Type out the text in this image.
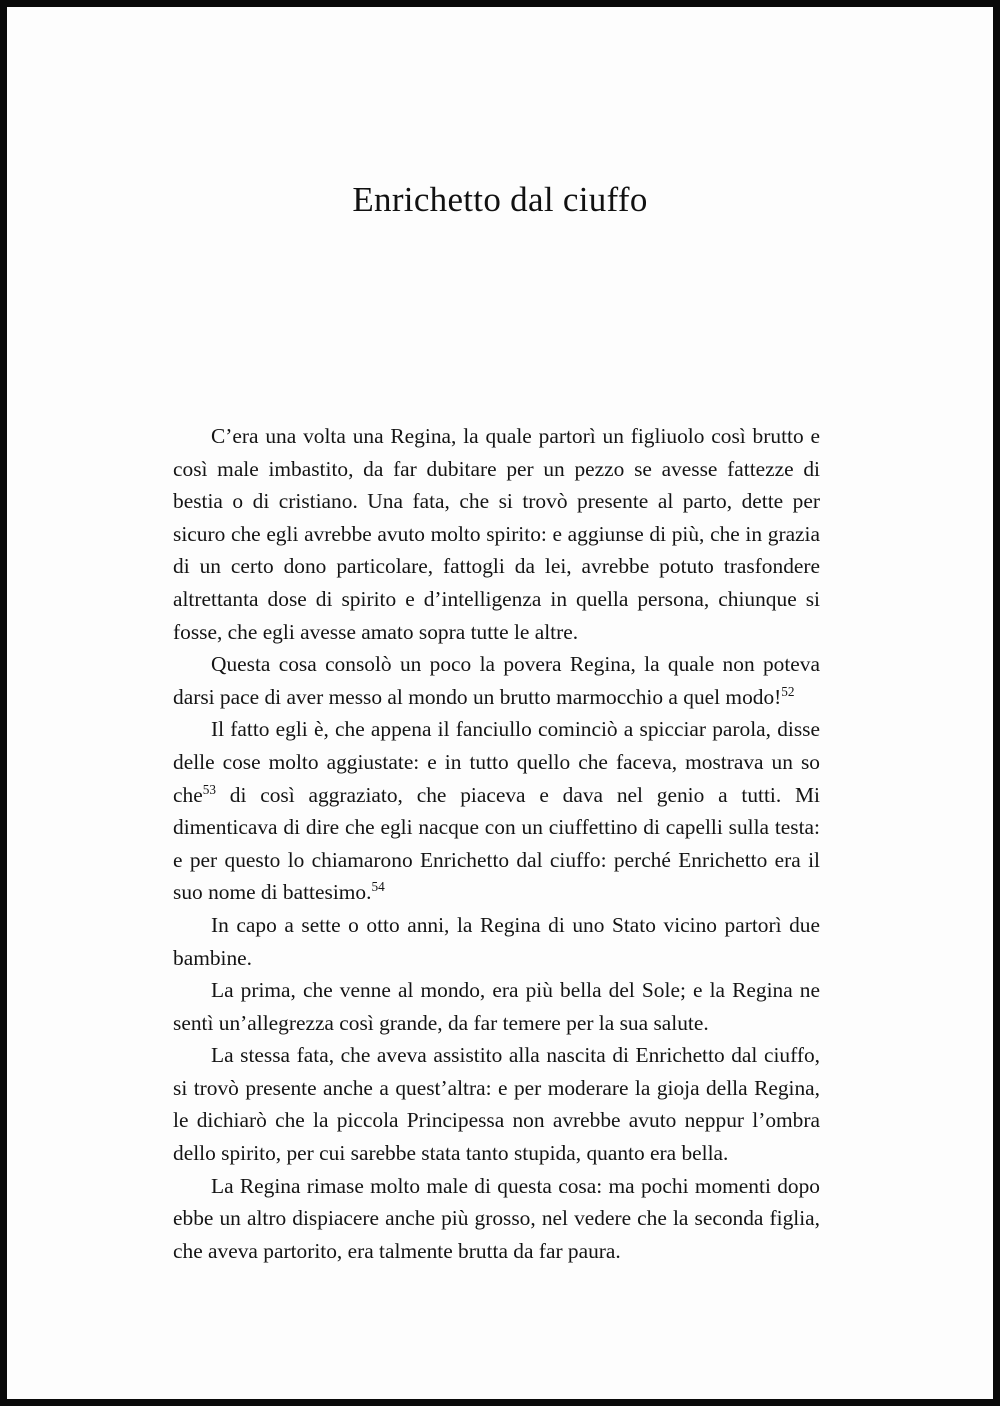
Enrichetto dal ciuffo

C’era una volta una Regina, la quale partorì un figliuolo così brutto e così male imbastito, da far dubitare per un pezzo se avesse fattezze di bestia o di cristiano. Una fata, che si trovò presente al parto, dette per sicuro che egli avrebbe avuto molto spirito: e aggiunse di più, che in grazia di un certo dono particolare, fattogli da lei, avrebbe potuto trasfondere altrettanta dose di spirito e d’intelligenza in quella persona, chiunque si fosse, che egli avesse amato sopra tutte le altre.

Questa cosa consolò un poco la povera Regina, la quale non poteva darsi pace di aver messo al mondo un brutto marmocchio a quel modo!$^{52}$

Il fatto egli è, che appena il fanciullo cominciò a spicciar parola, disse delle cose molto aggiustate: e in tutto quello che faceva, mostrava un so che$^{53}$ di così aggraziato, che piaceva e dava nel genio a tutti. Mi dimenticava di dire che egli nacque con un ciuffettino di capelli sulla testa: e per questo lo chiamarono Enrichetto dal ciuffo: perché Enrichetto era il suo nome di battesimo.$^{54}$

In capo a sette o otto anni, la Regina di uno Stato vicino partorì due bambine.

La prima, che venne al mondo, era più bella del Sole; e la Regina ne sentì un’allegrezza così grande, da far temere per la sua salute.

La stessa fata, che aveva assistito alla nascita di Enrichetto dal ciuffo, si trovò presente anche a quest’altra: e per moderare la gioja della Regina, le dichiarò che la piccola Principessa non avrebbe avuto neppur l’ombra dello spirito, per cui sarebbe stata tanto stupida, quanto era bella.

La Regina rimase molto male di questa cosa: ma pochi momenti dopo ebbe un altro dispiacere anche più grosso, nel vedere che la seconda figlia, che aveva partorito, era talmente brutta da far paura.
